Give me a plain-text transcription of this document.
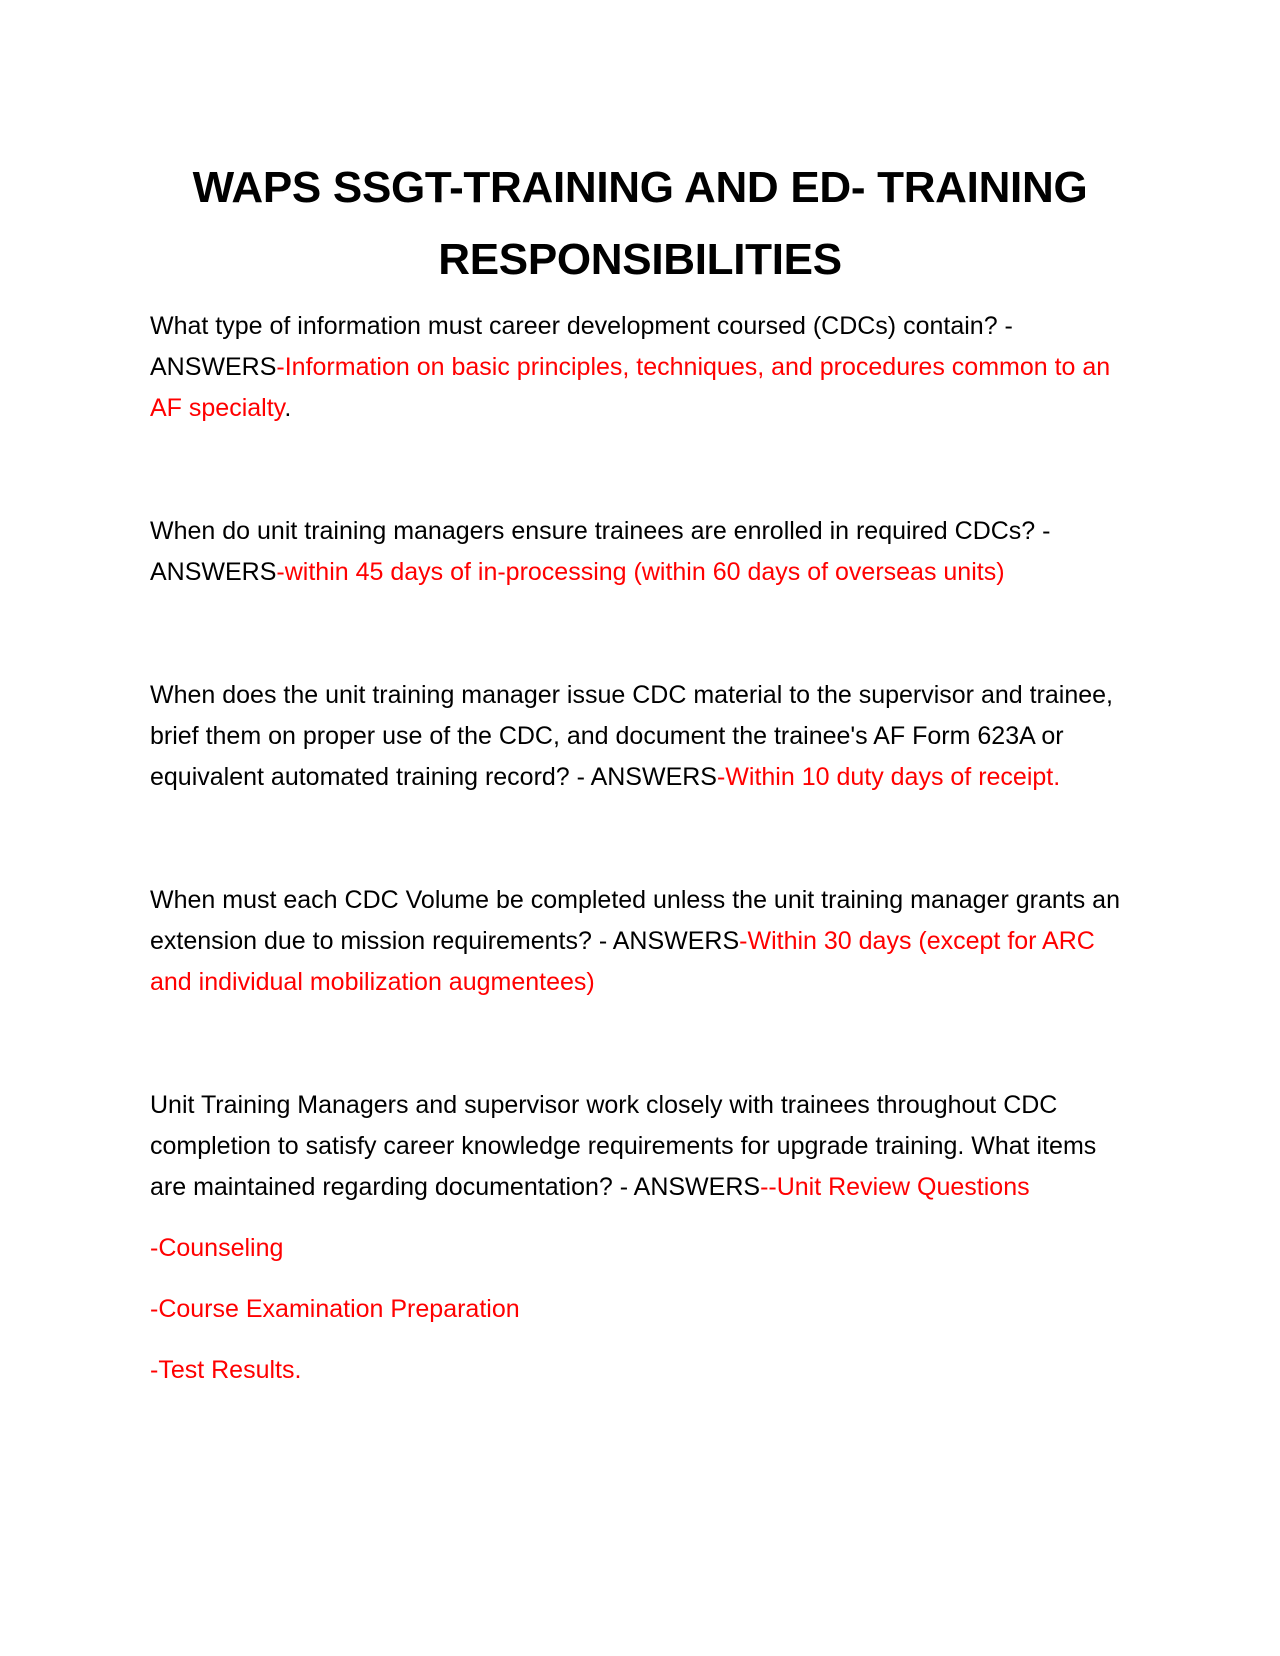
WAPS SSGT-TRAINING AND ED- TRAINING RESPONSIBILITIES

What type of information must career development coursed (CDCs) contain? - ANSWERS-Information on basic principles, techniques, and procedures common to an AF specialty.

When do unit training managers ensure trainees are enrolled in required CDCs? - ANSWERS-within 45 days of in-processing (within 60 days of overseas units)

When does the unit training manager issue CDC material to the supervisor and trainee, brief them on proper use of the CDC, and document the trainee's AF Form 623A or equivalent automated training record? - ANSWERS-Within 10 duty days of receipt.

When must each CDC Volume be completed unless the unit training manager grants an extension due to mission requirements? - ANSWERS-Within 30 days (except for ARC and individual mobilization augmentees)

Unit Training Managers and supervisor work closely with trainees throughout CDC completion to satisfy career knowledge requirements for upgrade training. What items are maintained regarding documentation? - ANSWERS--Unit Review Questions

-Counseling

-Course Examination Preparation

-Test Results.
